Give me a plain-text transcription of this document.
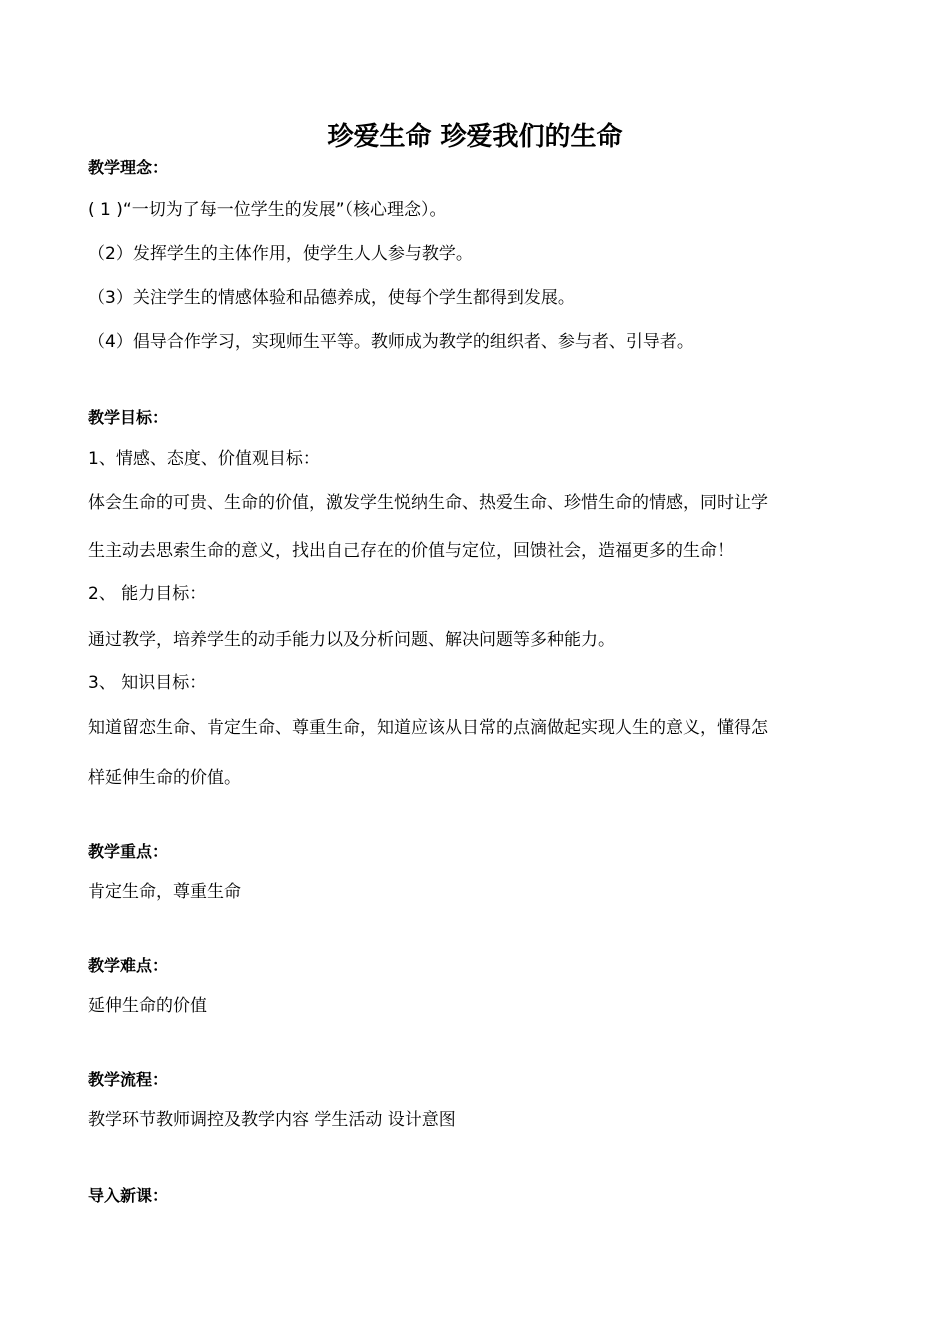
珍爱生命 珍爱我们的生命
教学理念：
( 1 )“一切为了每一位学生的发展”（核心理念）。
（2）发挥学生的主体作用，使学生人人参与教学。
（3）关注学生的情感体验和品德养成，使每个学生都得到发展。
（4）倡导合作学习，实现师生平等。教师成为教学的组织者、参与者、引导者。
教学目标：
1、情感、态度、价值观目标：
体会生命的可贵、生命的价值，激发学生悦纳生命、热爱生命、珍惜生命的情感，同时让学
生主动去思索生命的意义，找出自己存在的价值与定位，回馈社会，造福更多的生命！
2、 能力目标：
通过教学，培养学生的动手能力以及分析问题、解决问题等多种能力。
3、 知识目标：
知道留恋生命、肯定生命、尊重生命，知道应该从日常的点滴做起实现人生的意义，懂得怎
样延伸生命的价值。
教学重点：
肯定生命，尊重生命
教学难点：
延伸生命的价值
教学流程：
教学环节教师调控及教学内容 学生活动 设计意图
导入新课：
